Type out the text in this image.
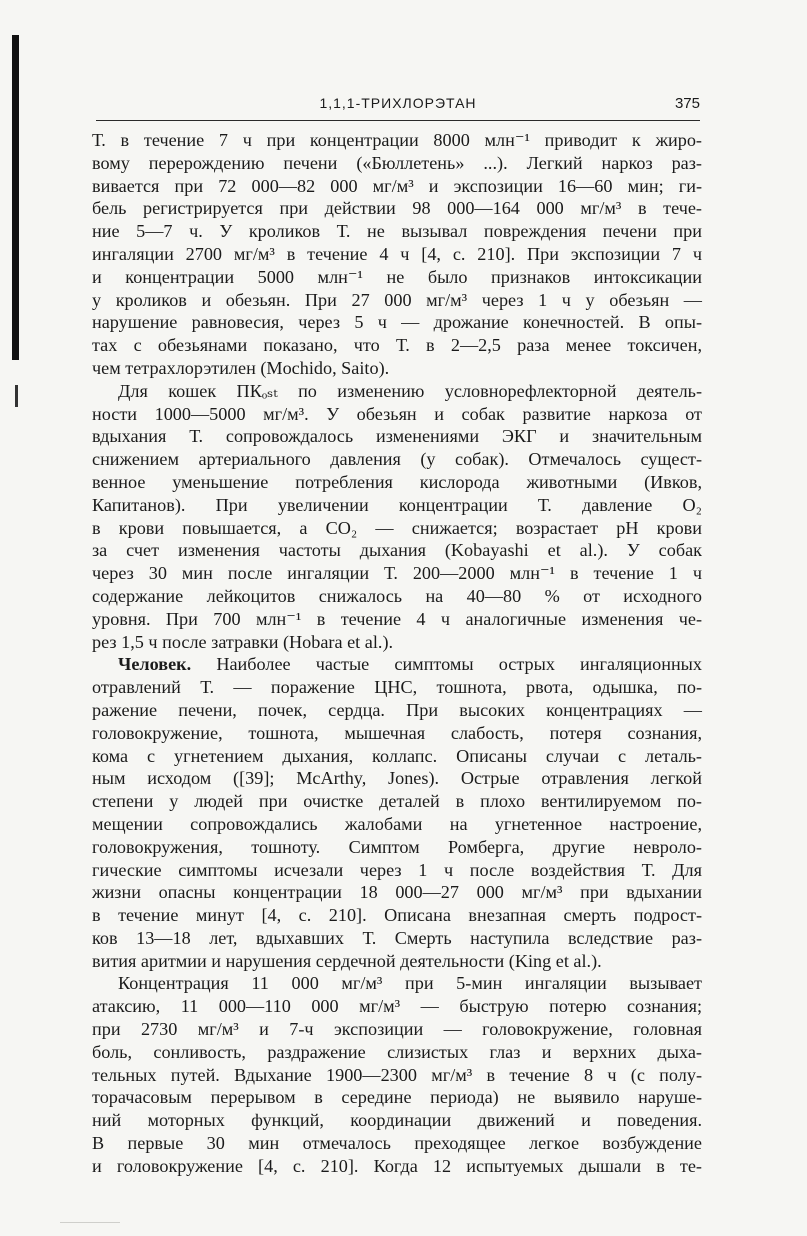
1,1,1-ТРИХЛОРЭТАН	375

Т. в течение 7 ч при концентрации 8000 млн⁻¹ приводит к жиро-
вому перерождению печени («Бюллетень» ...). Легкий наркоз раз-
вивается при 72 000—82 000 мг/м³ и экспозиции 16—60 мин; ги-
бель регистрируется при действии 98 000—164 000 мг/м³ в тече-
ние 5—7 ч. У кроликов Т. не вызывал повреждения печени при
ингаляции 2700 мг/м³ в течение 4 ч [4, с. 210]. При экспозиции 7 ч
и концентрации 5000 млн⁻¹ не было признаков интоксикации
у кроликов и обезьян. При 27 000 мг/м³ через 1 ч у обезьян —
нарушение равновесия, через 5 ч — дрожание конечностей. В опы-
тах с обезьянами показано, что Т. в 2—2,5 раза менее токсичен,
чем тетрахлорэтилен (Mochido, Saito).

Для кошек ПКₒₛₜ по изменению условнорефлекторной деятель-
ности 1000—5000 мг/м³. У обезьян и собак развитие наркоза от
вдыхания Т. сопровождалось изменениями ЭКГ и значительным
снижением артериального давления (у собак). Отмечалось сущест-
венное уменьшение потребления кислорода животными (Ивков,
Капитанов). При увеличении концентрации Т. давление O₂
в крови повышается, а CO₂ — снижается; возрастает pH крови
за счет изменения частоты дыхания (Kobayashi et al.). У собак
через 30 мин после ингаляции Т. 200—2000 млн⁻¹ в течение 1 ч
содержание лейкоцитов снижалось на 40—80 % от исходного
уровня. При 700 млн⁻¹ в течение 4 ч аналогичные изменения че-
рез 1,5 ч после затравки (Hobara et al.).

Человек. Наиболее частые симптомы острых ингаляционных
отравлений Т. — поражение ЦНС, тошнота, рвота, одышка, по-
ражение печени, почек, сердца. При высоких концентрациях —
головокружение, тошнота, мышечная слабость, потеря сознания,
кома с угнетением дыхания, коллапс. Описаны случаи с леталь-
ным исходом ([39]; McArthy, Jones). Острые отравления легкой
степени у людей при очистке деталей в плохо вентилируемом по-
мещении сопровождались жалобами на угнетенное настроение,
головокружения, тошноту. Симптом Ромберга, другие невроло-
гические симптомы исчезали через 1 ч после воздействия Т. Для
жизни опасны концентрации 18 000—27 000 мг/м³ при вдыхании
в течение минут [4, с. 210]. Описана внезапная смерть подрост-
ков 13—18 лет, вдыхавших Т. Смерть наступила вследствие раз-
вития аритмии и нарушения сердечной деятельности (King et al.).

Концентрация 11 000 мг/м³ при 5-мин ингаляции вызывает
атаксию, 11 000—110 000 мг/м³ — быструю потерю сознания;
при 2730 мг/м³ и 7-ч экспозиции — головокружение, головная
боль, сонливость, раздражение слизистых глаз и верхних дыха-
тельных путей. Вдыхание 1900—2300 мг/м³ в течение 8 ч (с полу-
торачасовым перерывом в середине периода) не выявило наруше-
ний моторных функций, координации движений и поведения.
В первые 30 мин отмечалось преходящее легкое возбуждение
и головокружение [4, с. 210]. Когда 12 испытуемых дышали в те-
